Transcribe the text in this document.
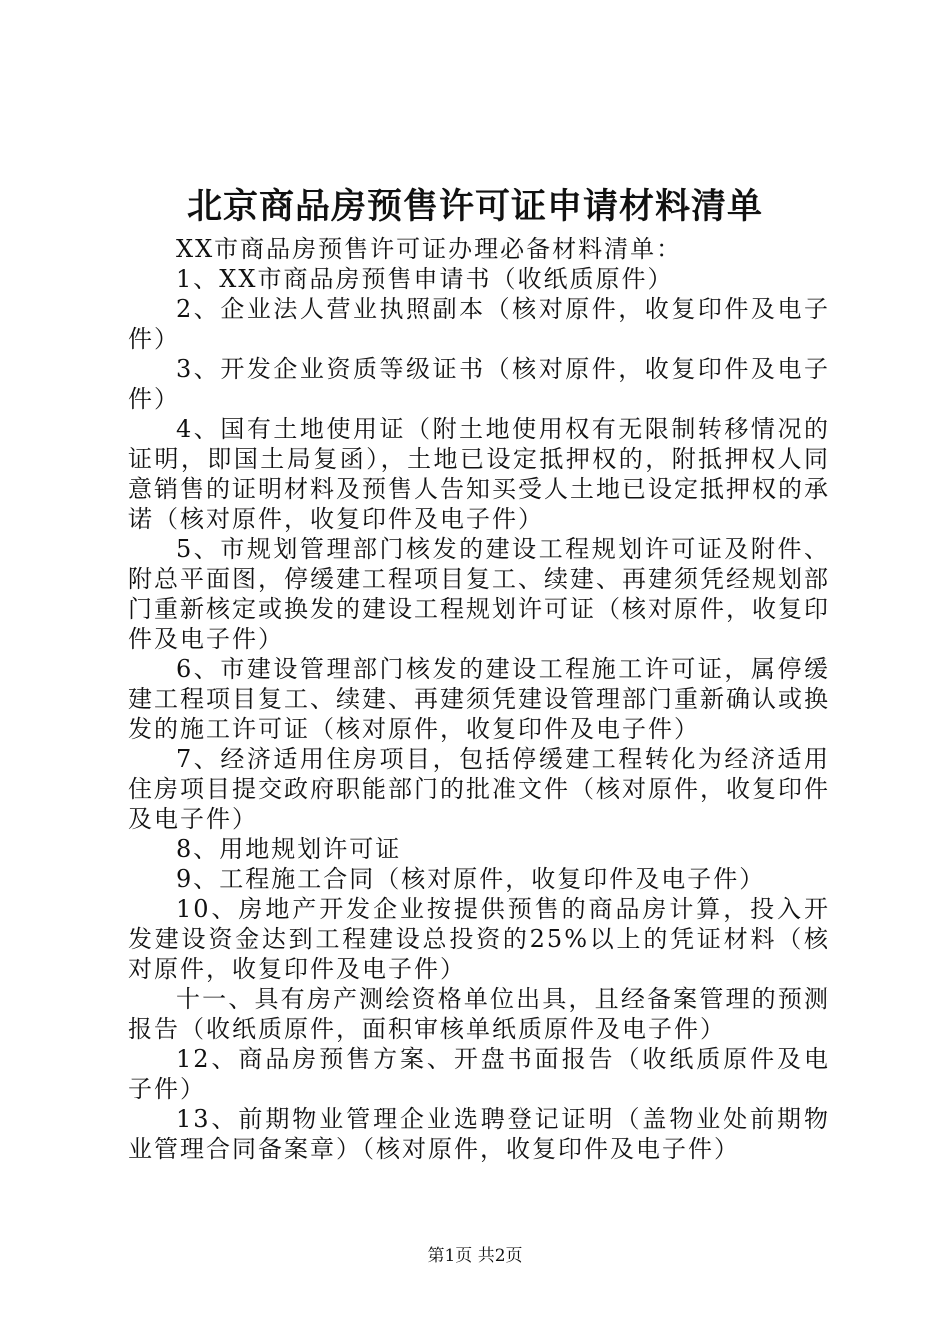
北京商品房预售许可证申请材料清单

XX市商品房预售许可证办理必备材料清单：

1、XX市商品房预售申请书（收纸质原件）

2、企业法人营业执照副本（核对原件，收复印件及电子件）

3、开发企业资质等级证书（核对原件，收复印件及电子件）

4、国有土地使用证（附土地使用权有无限制转移情况的证明，即国土局复函），土地已设定抵押权的，附抵押权人同意销售的证明材料及预售人告知买受人土地已设定抵押权的承诺（核对原件，收复印件及电子件）

5、市规划管理部门核发的建设工程规划许可证及附件、附总平面图，停缓建工程项目复工、续建、再建须凭经规划部门重新核定或换发的建设工程规划许可证（核对原件，收复印件及电子件）

6、市建设管理部门核发的建设工程施工许可证，属停缓建工程项目复工、续建、再建须凭建设管理部门重新确认或换发的施工许可证（核对原件，收复印件及电子件）

7、经济适用住房项目，包括停缓建工程转化为经济适用住房项目提交政府职能部门的批准文件（核对原件，收复印件及电子件）

8、用地规划许可证

9、工程施工合同（核对原件，收复印件及电子件）

10、房地产开发企业按提供预售的商品房计算，投入开发建设资金达到工程建设总投资的25%以上的凭证材料（核对原件，收复印件及电子件）

十一、具有房产测绘资格单位出具，且经备案管理的预测报告（收纸质原件，面积审核单纸质原件及电子件）

12、商品房预售方案、开盘书面报告（收纸质原件及电子件）

13、前期物业管理企业选聘登记证明（盖物业处前期物业管理合同备案章）（核对原件，收复印件及电子件）

第1页 共2页
